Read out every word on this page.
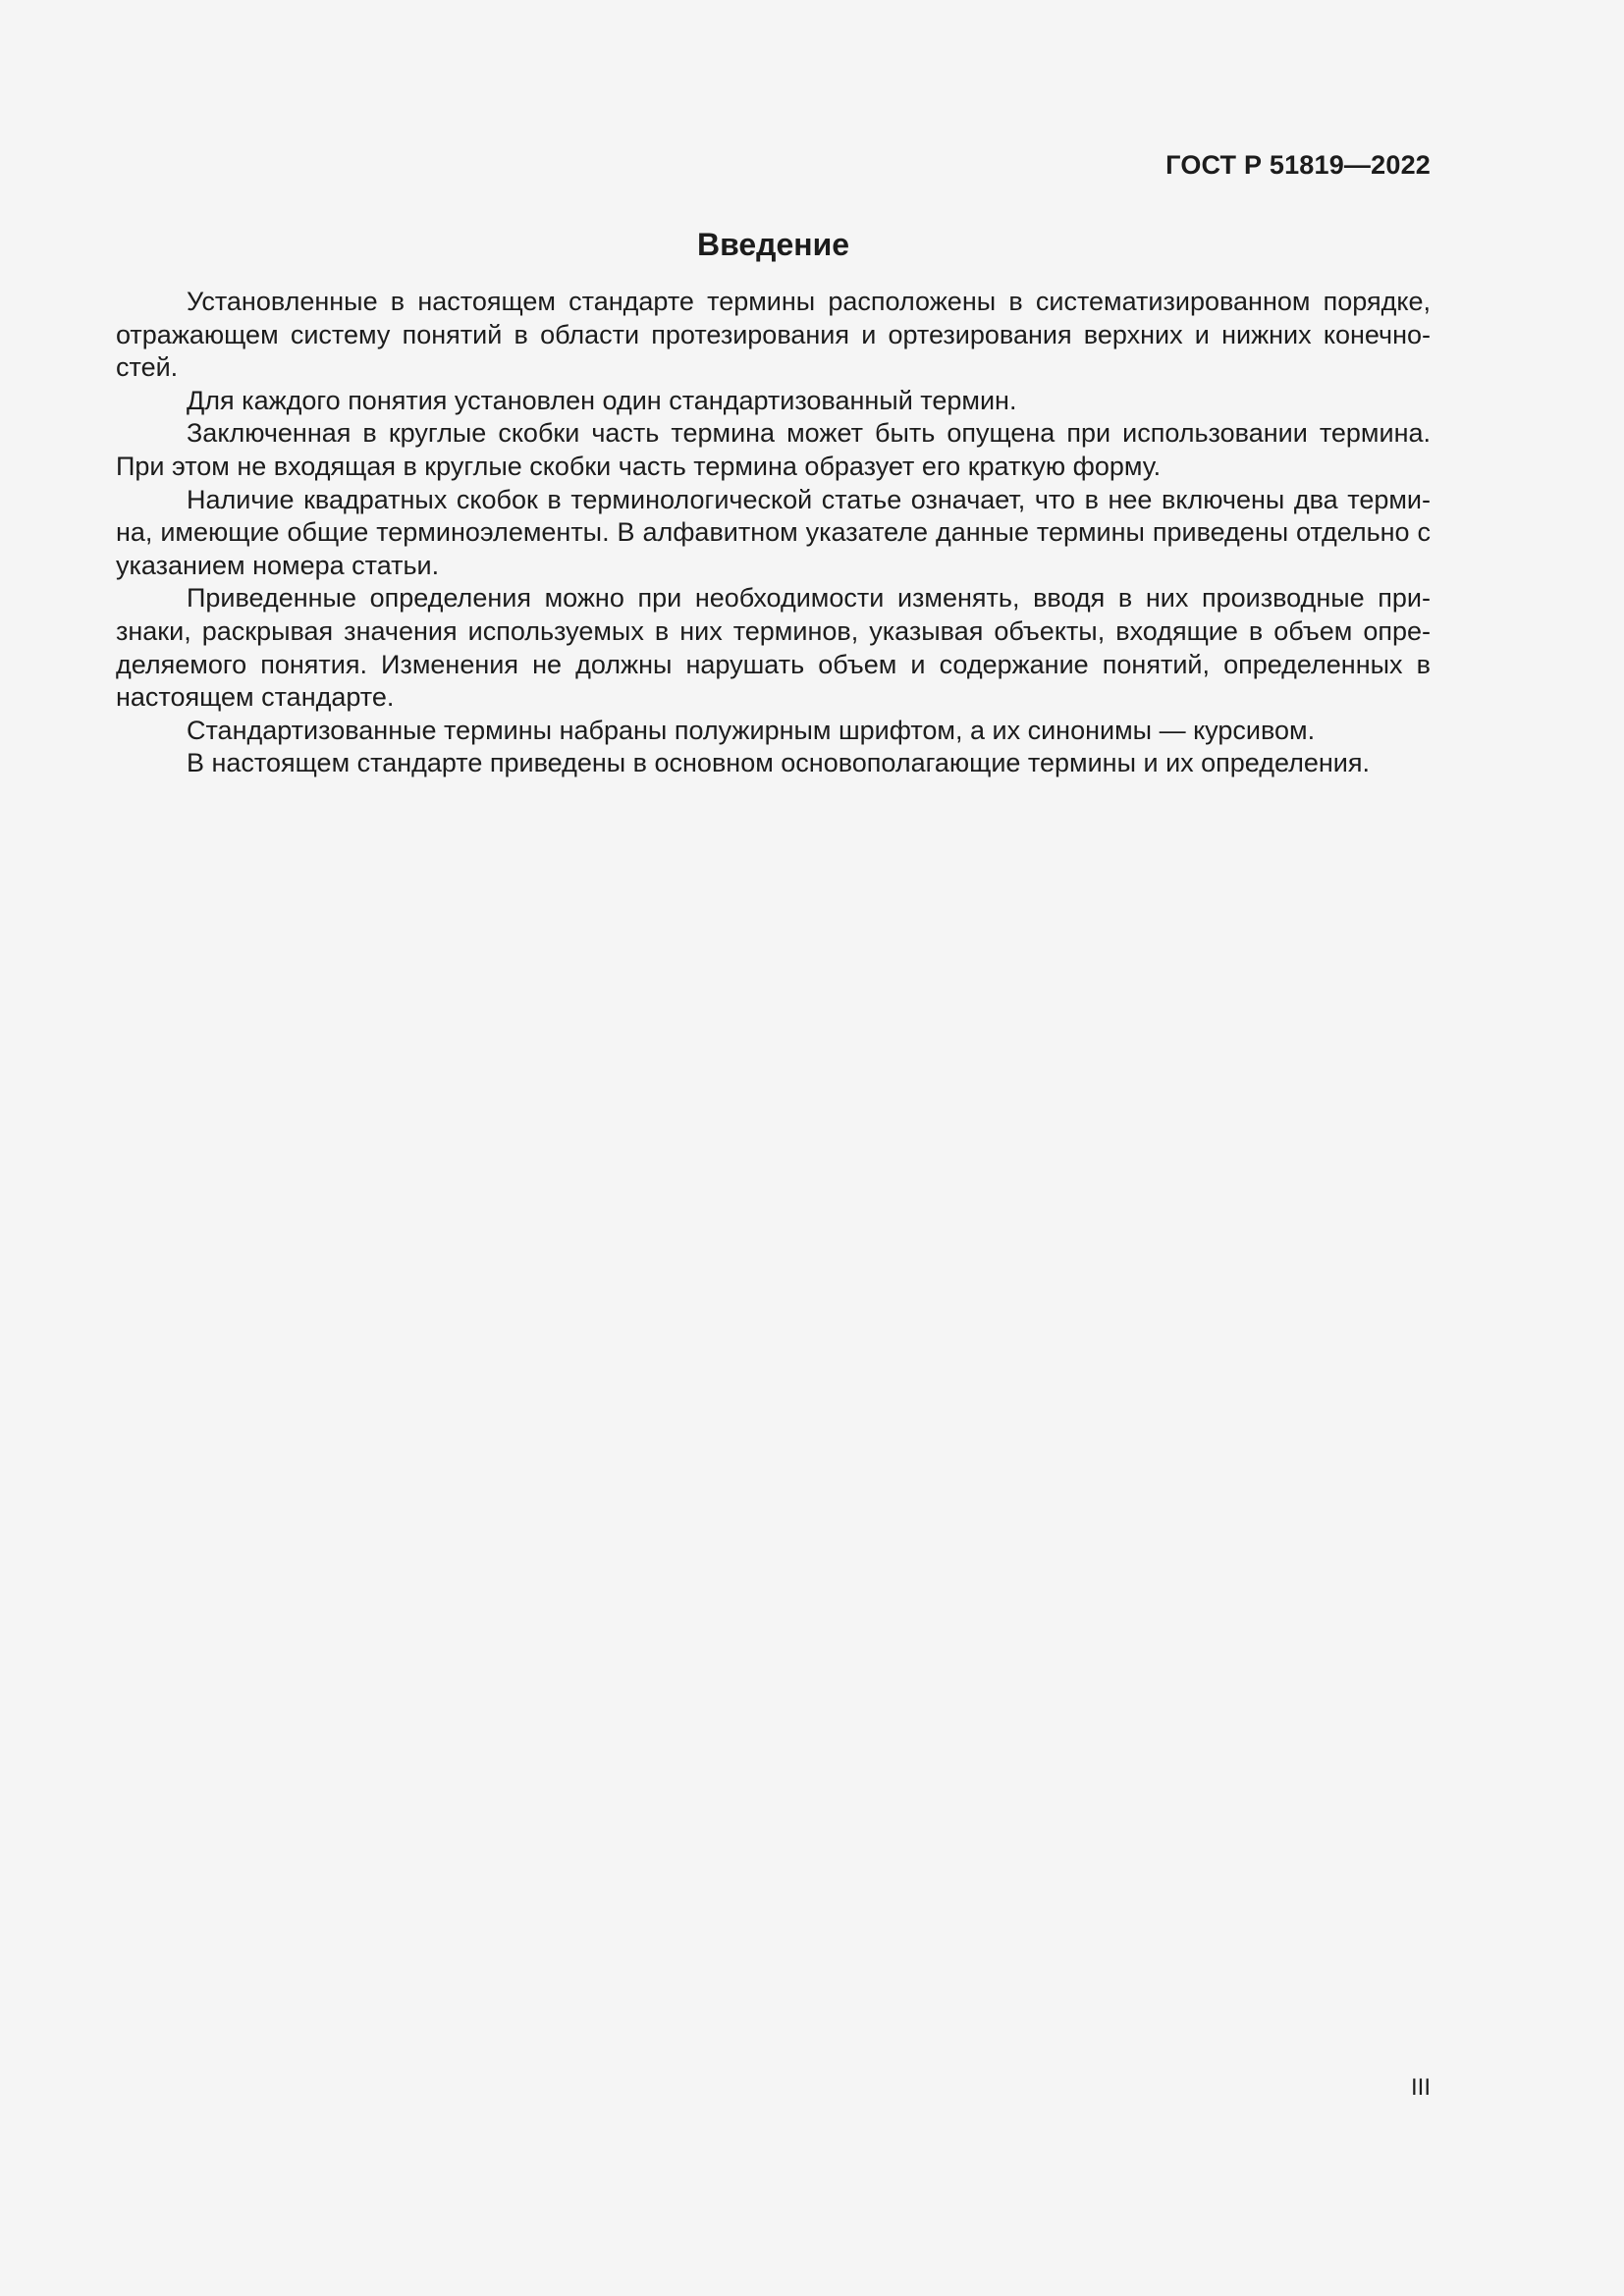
ГОСТ Р 51819—2022
Введение

Установленные в настоящем стандарте термины расположены в систематизированном порядке, отражающем систему понятий в области протезирования и ортезирования верхних и нижних конечностей.

Для каждого понятия установлен один стандартизованный термин.

Заключенная в круглые скобки часть термина может быть опущена при использовании термина. При этом не входящая в круглые скобки часть термина образует его краткую форму.

Наличие квадратных скобок в терминологической статье означает, что в нее включены два термина, имеющие общие терминоэлементы. В алфавитном указателе данные термины приведены отдельно с указанием номера статьи.

Приведенные определения можно при необходимости изменять, вводя в них производные признаки, раскрывая значения используемых в них терминов, указывая объекты, входящие в объем определяемого понятия. Изменения не должны нарушать объем и содержание понятий, определенных в настоящем стандарте.

Стандартизованные термины набраны полужирным шрифтом, а их синонимы — курсивом.

В настоящем стандарте приведены в основном основополагающие термины и их определения.

III
